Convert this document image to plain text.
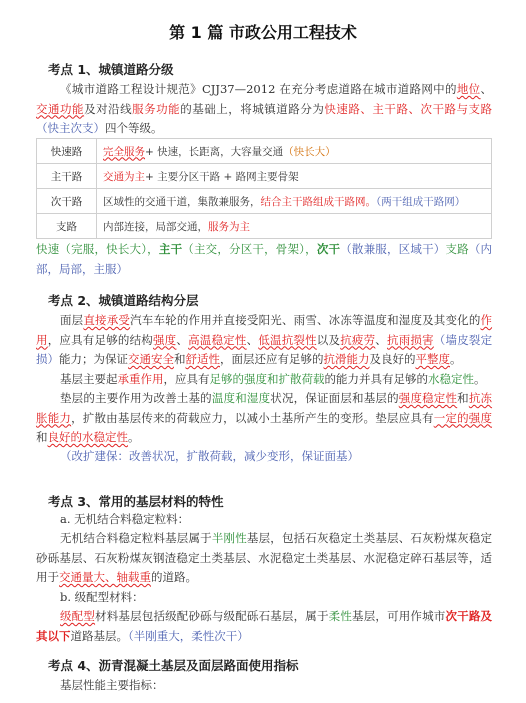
第 1 篇 市政公用工程技术
考点 1、城镇道路分级
《城市道路工程设计规范》CJJ37—2012 在充分考虑道路在城市道路网中的地位、交通功能及对沿线服务功能的基础上，将城镇道路分为快速路、主干路、次干路与支路（快主次支）四个等级。
快速路	完全服务+ 快速，长距离，大容量交通（快长大）
主干路	交通为主+ 主要分区干路 + 路网主要骨架
次干路	区域性的交通干道，集散兼服务，结合主干路组成干路网。（两干组成干路网）
支路	内部连接，局部交通，服务为主
快速（完服，快长大），主干（主交，分区干，骨架），次干（散兼服，区域干）支路（内部，局部，主服）
考点 2、城镇道路结构分层
面层直接承受汽车车轮的作用并直接受阳光、雨雪、冰冻等温度和湿度及其变化的作用，应具有足够的结构强度、高温稳定性、低温抗裂性以及抗疲劳、抗雨损害（墙皮裂定损）能力；为保证交通安全和舒适性，面层还应有足够的抗滑能力及良好的平整度。
基层主要起承重作用，应具有足够的强度和扩散荷载的能力并具有足够的水稳定性。
垫层的主要作用为改善土基的温度和湿度状况，保证面层和基层的强度稳定性和抗冻胀能力，扩散由基层传来的荷载应力，以减小土基所产生的变形。垫层应具有一定的强度和良好的水稳定性。
（改扩建保：改善状况，扩散荷载，减少变形，保证面基）
考点 3、常用的基层材料的特性
a. 无机结合料稳定粒料：
无机结合料稳定粒料基层属于半刚性基层，包括石灰稳定土类基层、石灰粉煤灰稳定砂砾基层、石灰粉煤灰钢渣稳定土类基层、水泥稳定土类基层、水泥稳定碎石基层等，适用于交通量大、轴载重的道路。
b. 级配型材料：
级配型材料基层包括级配砂砾与级配砾石基层，属于柔性基层，可用作城市次干路及其以下道路基层。（半刚重大，柔性次干）
考点 4、沥青混凝土基层及面层路面使用指标
基层性能主要指标：
